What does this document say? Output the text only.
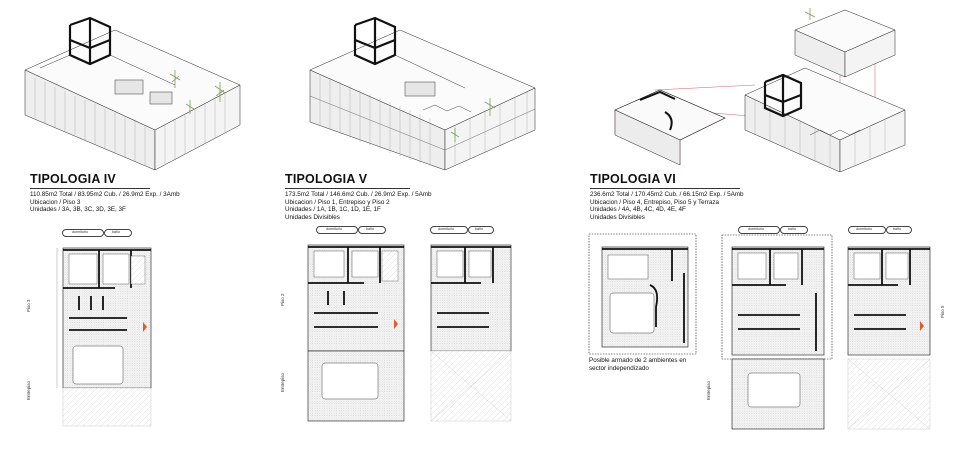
TIPOLOGIA IV
110.85m2 Total / 83.95m2 Cub. / 26.9m2 Exp. / 3Amb
Ubicacion / Piso 3
Unidades / 3A, 3B, 3C, 3D, 3E, 3F
TIPOLOGIA V
173.5m2 Total / 146.6m2 Cub. / 26.9m2 Exp. / 5Amb
Ubicacion / Piso 1, Entrepiso y Piso 2
Unidades / 1A, 1B, 1C, 1D, 1E, 1F
Unidades Divisibles
TIPOLOGIA VI
236.6m2 Total / 170.45m2 Cub. / 66.15m2 Exp. / 5Amb
Ubicacion / Piso 4, Entrepiso, Piso 5 y Terraza
Unidades / 4A, 4B, 4C, 4D, 4E, 4F
Unidades Divisibles
dormitorio	baño
Piso 3
Entrepiso
dormitorio	baño	dormitorio	baño
Piso 2
Entrepiso
Posible armado de 2 ambientes en
sector independizado
dormitorio	baño	dormitorio	baño
Piso 5
Entrepiso
